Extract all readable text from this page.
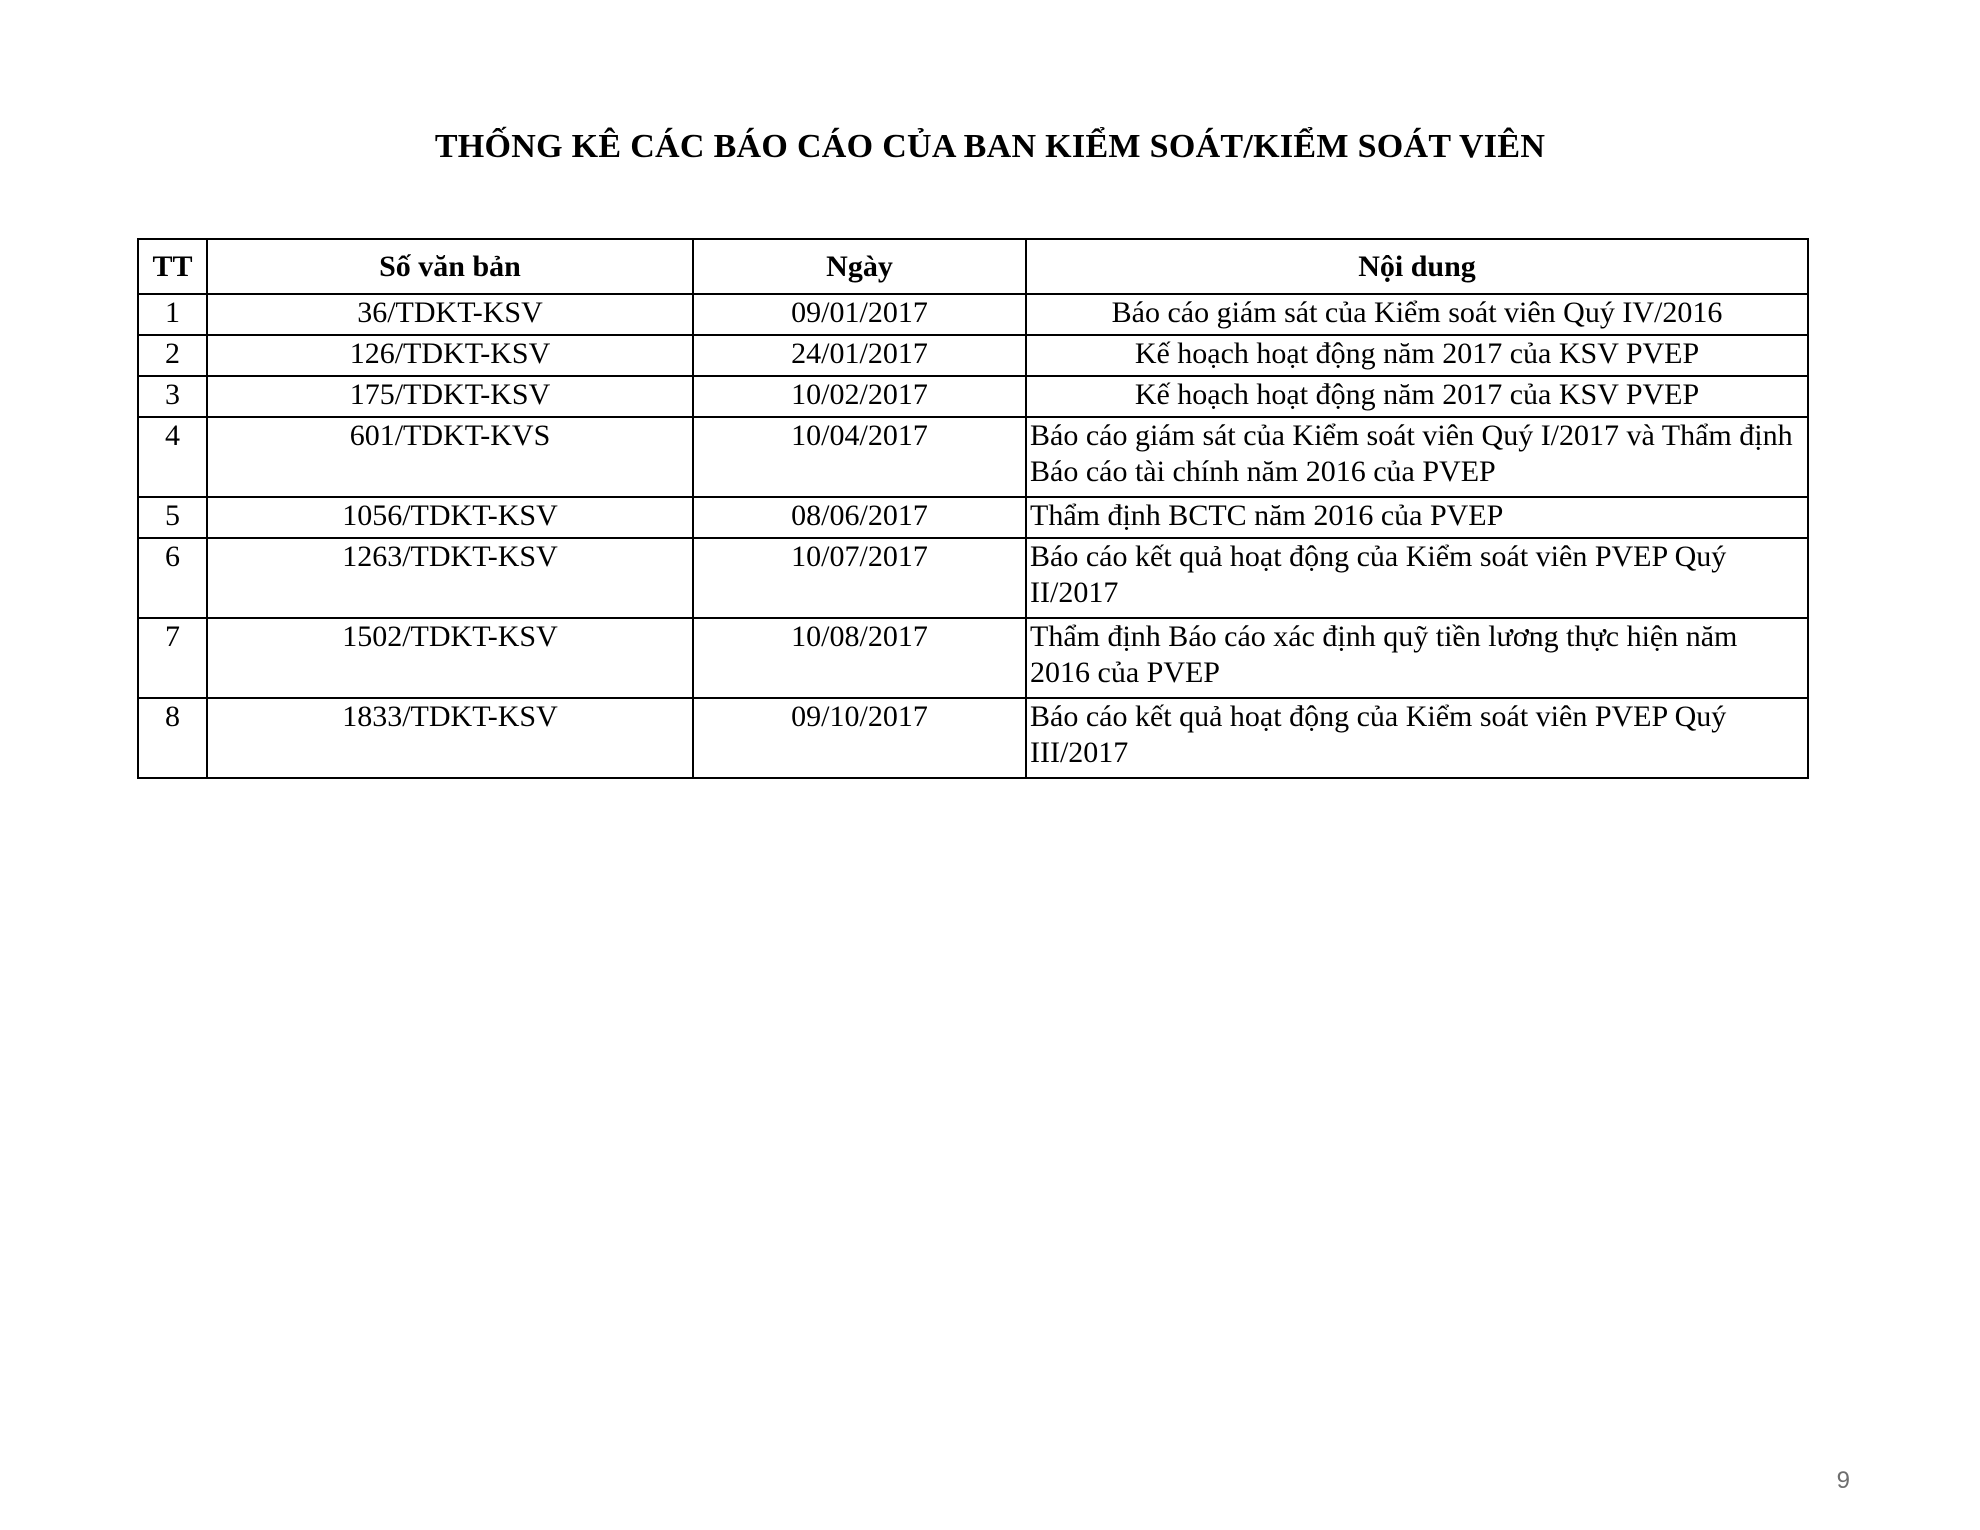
THỐNG KÊ CÁC BÁO CÁO CỦA BAN KIỂM SOÁT/KIỂM SOÁT VIÊN
TT	Số văn bản	Ngày	Nội dung
1	36/TDKT-KSV	09/01/2017	Báo cáo giám sát của Kiểm soát viên Quý IV/2016
2	126/TDKT-KSV	24/01/2017	Kế hoạch hoạt động năm 2017 của KSV PVEP
3	175/TDKT-KSV	10/02/2017	Kế hoạch hoạt động năm 2017 của KSV PVEP
4	601/TDKT-KVS	10/04/2017	Báo cáo giám sát của Kiểm soát viên Quý I/2017 và Thẩm định Báo cáo tài chính năm 2016 của PVEP
5	1056/TDKT-KSV	08/06/2017	Thẩm định BCTC năm 2016 của PVEP
6	1263/TDKT-KSV	10/07/2017	Báo cáo kết quả hoạt động của Kiểm soát viên PVEP Quý II/2017
7	1502/TDKT-KSV	10/08/2017	Thẩm định Báo cáo xác định quỹ tiền lương thực hiện năm 2016 của PVEP
8	1833/TDKT-KSV	09/10/2017	Báo cáo kết quả hoạt động của Kiểm soát viên PVEP Quý III/2017
9
